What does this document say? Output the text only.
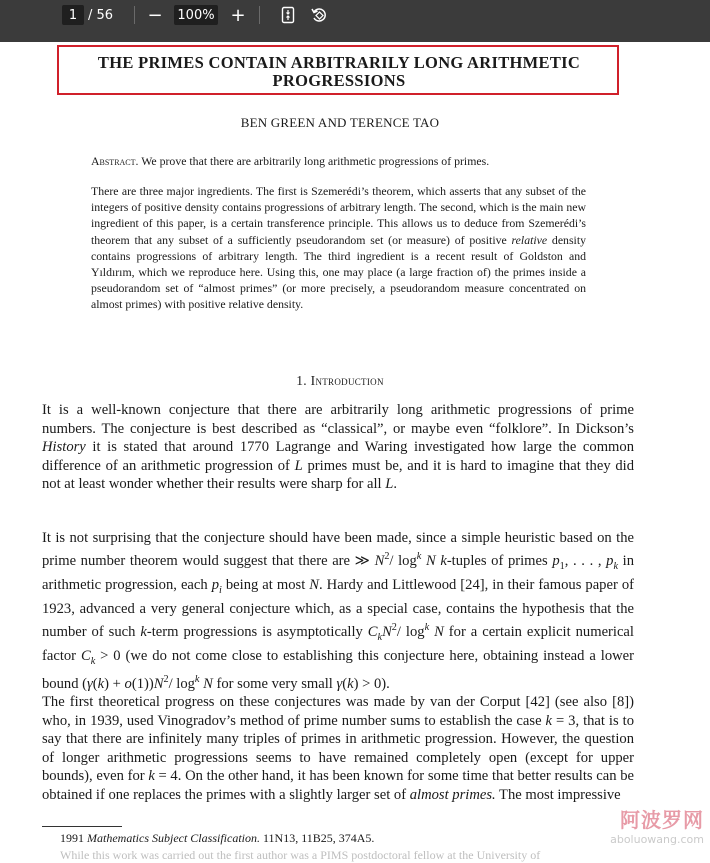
1 / 56 − 100% +
THE PRIMES CONTAIN ARBITRARILY LONG ARITHMETIC
PROGRESSIONS
BEN GREEN AND TERENCE TAO
Abstract. We prove that there are arbitrarily long arithmetic progressions of primes.
There are three major ingredients. The first is Szemerédi’s theorem, which asserts that any subset of the integers of positive density contains progressions of arbitrary length. The second, which is the main new ingredient of this paper, is a certain transference principle. This allows us to deduce from Szemerédi’s theorem that any subset of a sufficiently pseudorandom set (or measure) of positive relative density contains progressions of arbitrary length. The third ingredient is a recent result of Goldston and Yıldırım, which we reproduce here. Using this, one may place (a large fraction of) the primes inside a pseudorandom set of “almost primes” (or more precisely, a pseudorandom measure concentrated on almost primes) with positive relative density.
1. Introduction
It is a well-known conjecture that there are arbitrarily long arithmetic progressions of prime numbers. The conjecture is best described as “classical”, or maybe even “folklore”. In Dickson’s History it is stated that around 1770 Lagrange and Waring investigated how large the common difference of an arithmetic progression of L primes must be, and it is hard to imagine that they did not at least wonder whether their results were sharp for all L.
It is not surprising that the conjecture should have been made, since a simple heuristic based on the prime number theorem would suggest that there are ≫ $N^2/$ $\log^k N$ k-tuples of primes $p_1$, . . . , $p_k$ in arithmetic progression, each $p_i$ being at most N. Hardy and Littlewood [24], in their famous paper of 1923, advanced a very general conjecture which, as a special case, contains the hypothesis that the number of such k-term progressions is asymptotically $C_kN^2/$ $\log^k N$ for a certain explicit numerical factor $C_k > 0$ (we do not come close to establishing this conjecture here, obtaining instead a lower bound $(\gamma(k) + o(1))N^2/$ $\log^k N$ for some very small γ(k) > 0).
The first theoretical progress on these conjectures was made by van der Corput [42] (see also [8]) who, in 1939, used Vinogradov’s method of prime number sums to establish the case k = 3, that is to say that there are infinitely many triples of primes in arithmetic progression. However, the question of longer arithmetic progressions seems to have remained completely open (except for upper bounds), even for k = 4. On the other hand, it has been known for some time that better results can be obtained if one replaces the primes with a slightly larger set of almost primes. The most impressive
1991 Mathematics Subject Classification. 11N13, 11B25, 374A5.
While this work was carried out the first author was a PIMS postdoctoral fellow at the University of
阿波罗网
aboluowang.com
